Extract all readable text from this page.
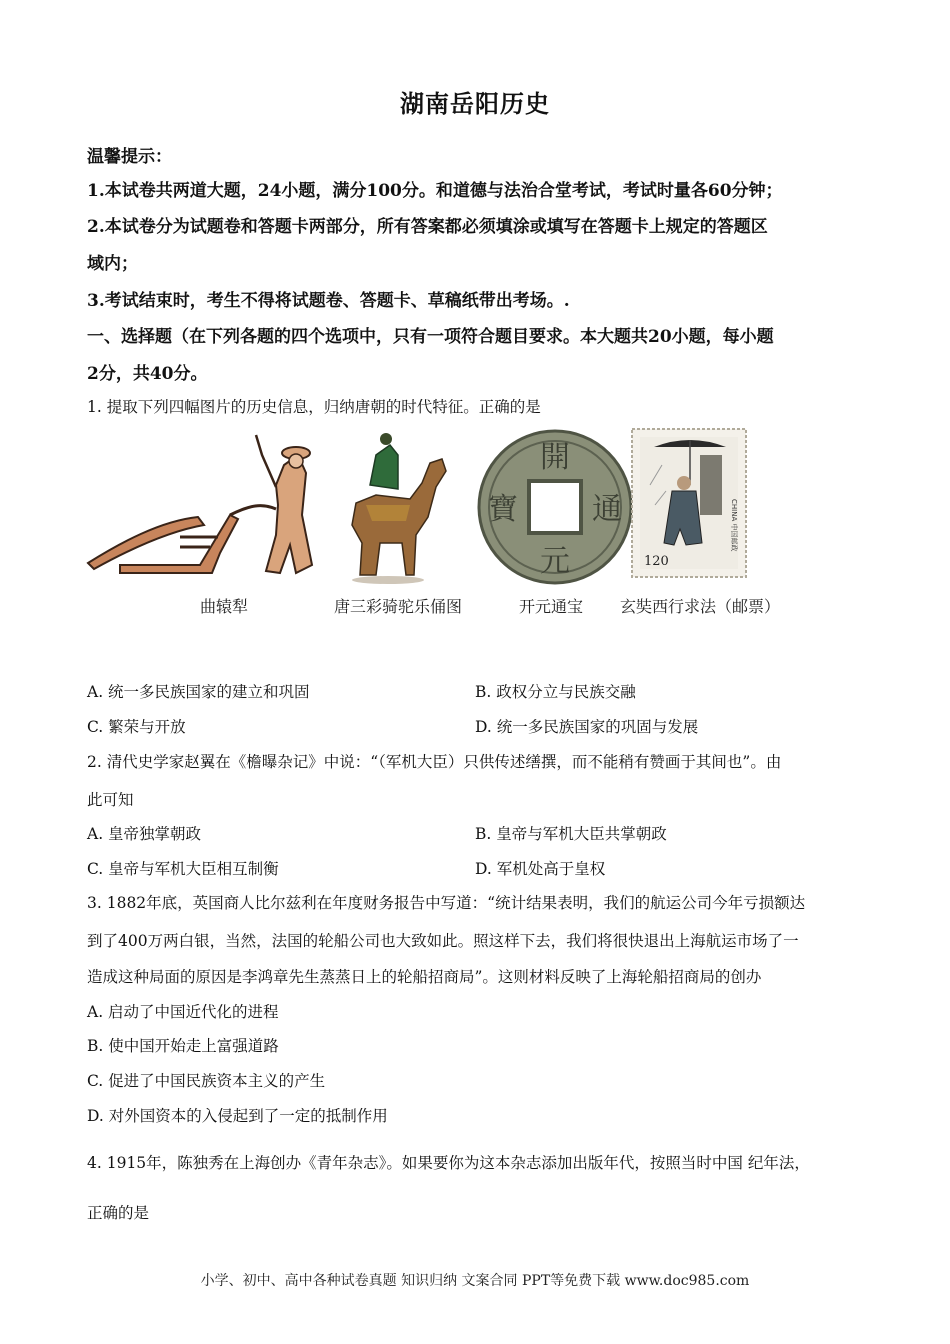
湖南岳阳历史
温馨提示：
1.本试卷共两道大题，24小题，满分100分。和道德与法治合堂考试，考试时量各60分钟；
2.本试卷分为试题卷和答题卡两部分，所有答案都必须填涂或填写在答题卡上规定的答题区
域内；
3.考试结束时，考生不得将试题卷、答题卡、草稿纸带出考场。.
一、选择题（在下列各题的四个选项中，只有一项符合题目要求。本大题共20小题，每小题
2分，共40分。
1. 提取下列四幅图片的历史信息，归纳唐朝的时代特征。正确的是
開
元
通
寶
120
CHINA 中国邮政
曲辕犁	唐三彩骑驼乐俑图	开元通宝 玄奘西行求法（邮票）
A. 统一多民族国家的建立和巩固	B. 政权分立与民族交融
C. 繁荣与开放	D. 统一多民族国家的巩固与发展
2. 清代史学家赵翼在《檐曝杂记》中说：“（军机大臣）只供传述缮撰，而不能稍有赞画于其间也”。由
此可知
A. 皇帝独掌朝政	B. 皇帝与军机大臣共掌朝政
C. 皇帝与军机大臣相互制衡	D. 军机处高于皇权
3. 1882年底，英国商人比尔兹利在年度财务报告中写道：“统计结果表明，我们的航运公司今年亏损额达
到了400万两白银，当然，法国的轮船公司也大致如此。照这样下去，我们将很快退出上海航运市场了一
造成这种局面的原因是李鸿章先生蒸蒸日上的轮船招商局”。这则材料反映了上海轮船招商局的创办
A. 启动了中国近代化的进程
B. 使中国开始走上富强道路
C. 促进了中国民族资本主义的产生
D. 对外国资本的入侵起到了一定的抵制作用
4. 1915年，陈独秀在上海创办《青年杂志》。如果要你为这本杂志添加出版年代，按照当时中国 纪年法，
正确的是
小学、初中、高中各种试卷真题 知识归纳 文案合同 PPT等免费下载 www.doc985.com
